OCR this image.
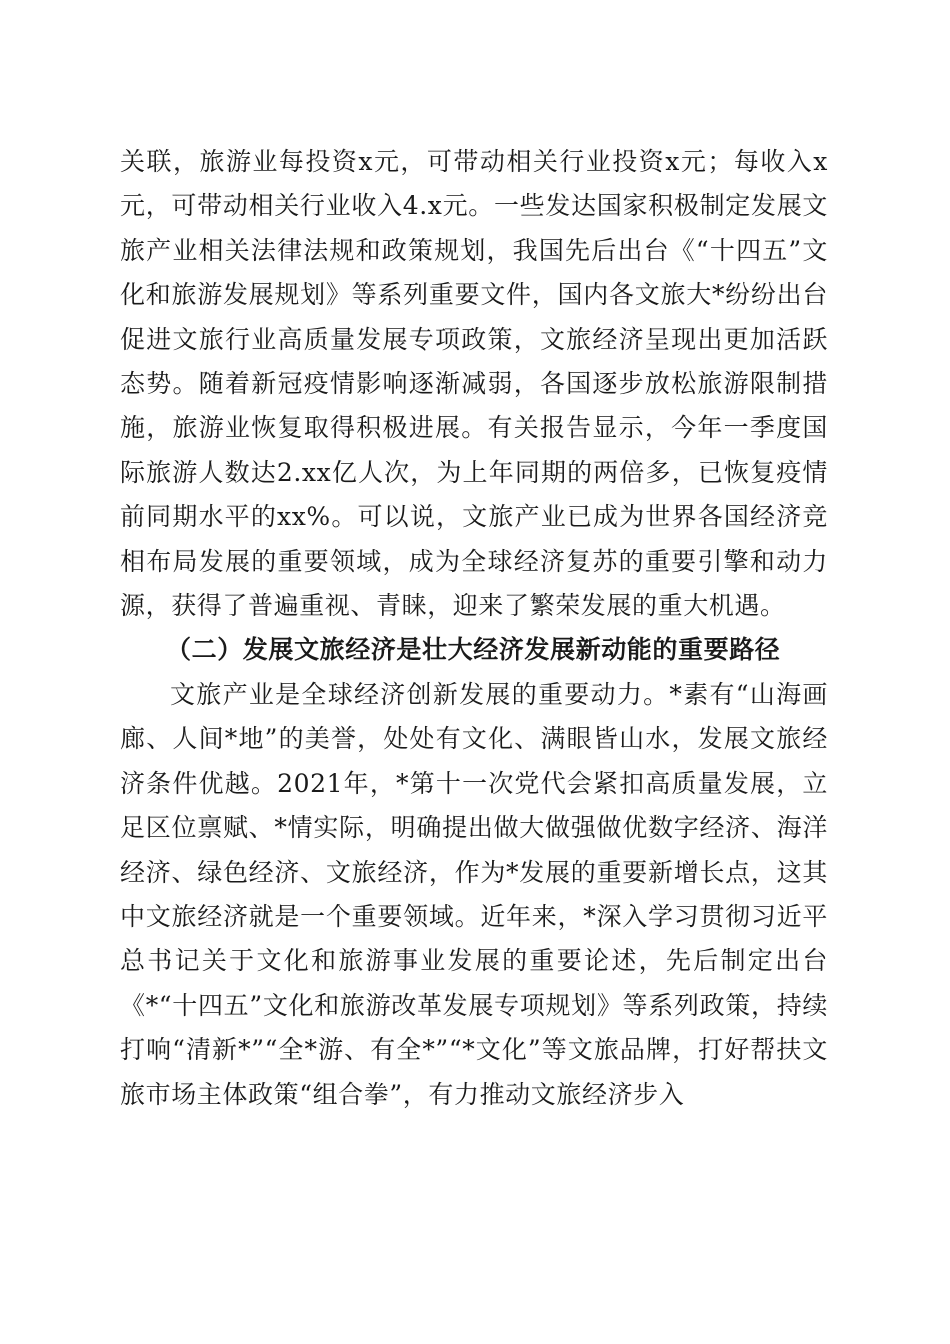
关联，旅游业每投资x元，可带动相关行业投资x元；每收入x元，可带动相关行业收入4.x元。一些发达国家积极制定发展文旅产业相关法律法规和政策规划，我国先后出台《“十四五”文化和旅游发展规划》等系列重要文件，国内各文旅大*纷纷出台促进文旅行业高质量发展专项政策，文旅经济呈现出更加活跃态势。随着新冠疫情影响逐渐减弱，各国逐步放松旅游限制措施，旅游业恢复取得积极进展。有关报告显示，今年一季度国际旅游人数达2.xx亿人次，为上年同期的两倍多，已恢复疫情前同期水平的xx%。可以说，文旅产业已成为世界各国经济竞相布局发展的重要领域，成为全球经济复苏的重要引擎和动力源，获得了普遍重视、青睐，迎来了繁荣发展的重大机遇。

（二）发展文旅经济是壮大经济发展新动能的重要路径

文旅产业是全球经济创新发展的重要动力。*素有“山海画廊、人间*地”的美誉，处处有文化、满眼皆山水，发展文旅经济条件优越。2021年，*第十一次党代会紧扣高质量发展，立足区位禀赋、*情实际，明确提出做大做强做优数字经济、海洋经济、绿色经济、文旅经济，作为*发展的重要新增长点，这其中文旅经济就是一个重要领域。近年来，*深入学习贯彻习近平总书记关于文化和旅游事业发展的重要论述，先后制定出台《*“十四五”文化和旅游改革发展专项规划》等系列政策，持续打响“清新*”“全*游、有全*”“*文化”等文旅品牌，打好帮扶文旅市场主体政策“组合拳”，有力推动文旅经济步入
